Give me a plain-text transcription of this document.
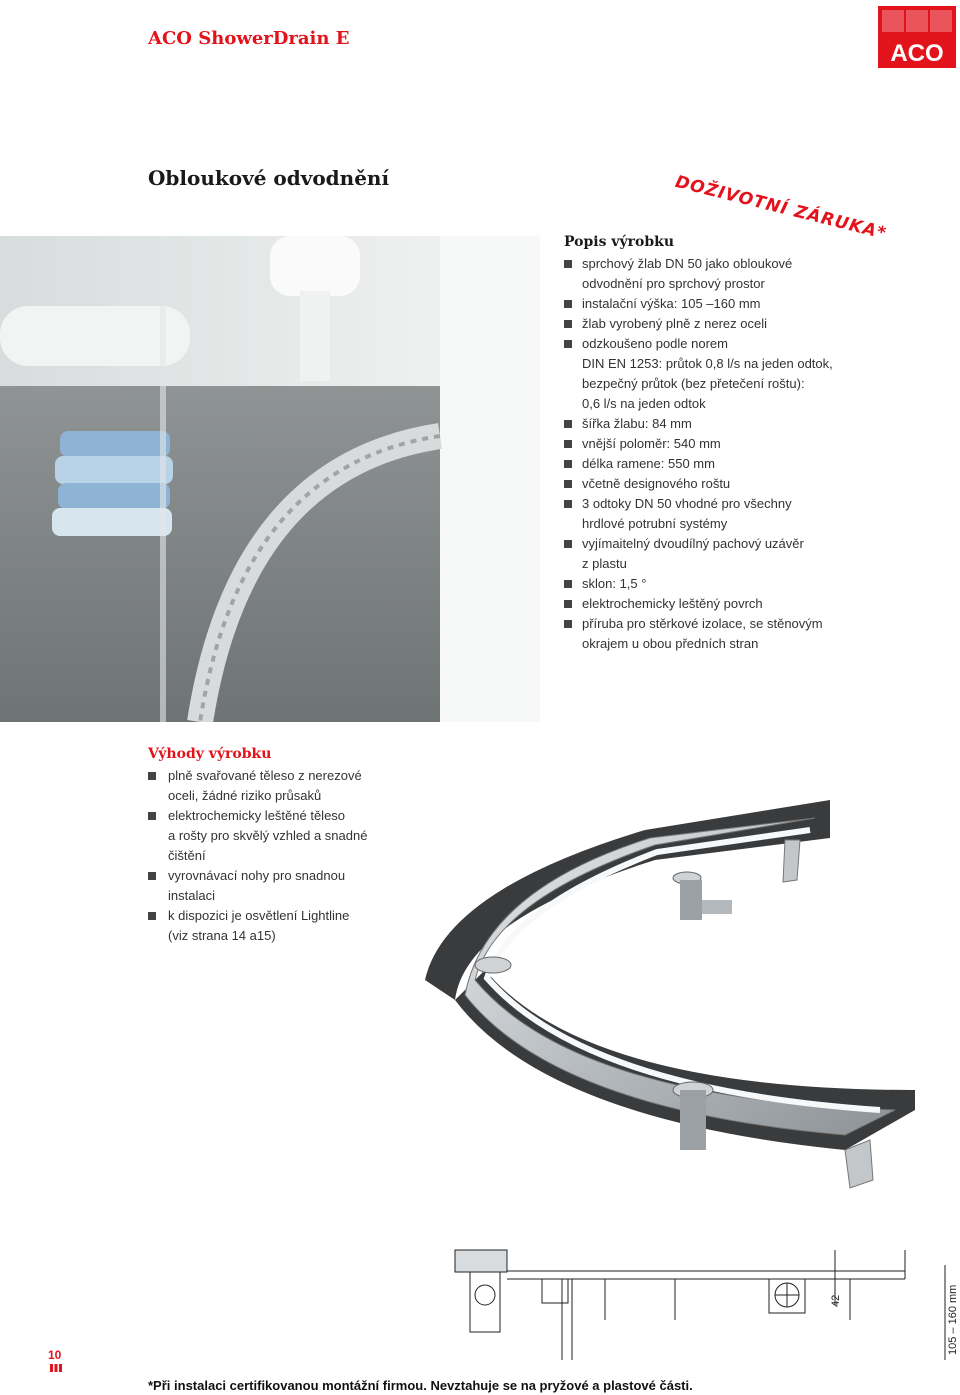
ACO ShowerDrain E
ACO
Obloukové odvodnění	DOŽIVOTNÍ ZÁRUKA*
Popis výrobku
sprchový žlab DN 50 jako obloukové
odvodnění pro sprchový prostor
instalační výška: 105 –160 mm
žlab vyrobený plně z nerez oceli
odzkoušeno podle norem
DIN EN 1253: průtok 0,8 l/s na jeden odtok,
bezpečný průtok (bez přetečení roštu):
0,6 l/s na jeden odtok
šířka žlabu: 84 mm
vnější poloměr: 540 mm
délka ramene: 550 mm
včetně designového roštu
3 odtoky DN 50 vhodné pro všechny
hrdlové potrubní systémy
vyjímaitelný dvoudílný pachový uzávěr
z plastu
sklon: 1,5 °
elektrochemicky leštěný povrch
příruba pro stěrkové izolace, se stěnovým
okrajem u obou předních stran
Výhody výrobku
plně svařované těleso z nerezové
oceli, žádné riziko průsaků
elektrochemicky leštěné těleso
a rošty pro skvělý vzhled a snadné
čištění
vyrovnávací nohy pro snadnou
instalaci
k dispozici je osvětlení Lightline
(viz strana 14 a15)
42	105 – 160 mm
10
*Při instalaci certifikovanou montážní firmou. Nevztahuje se na pryžové a plastové části.
